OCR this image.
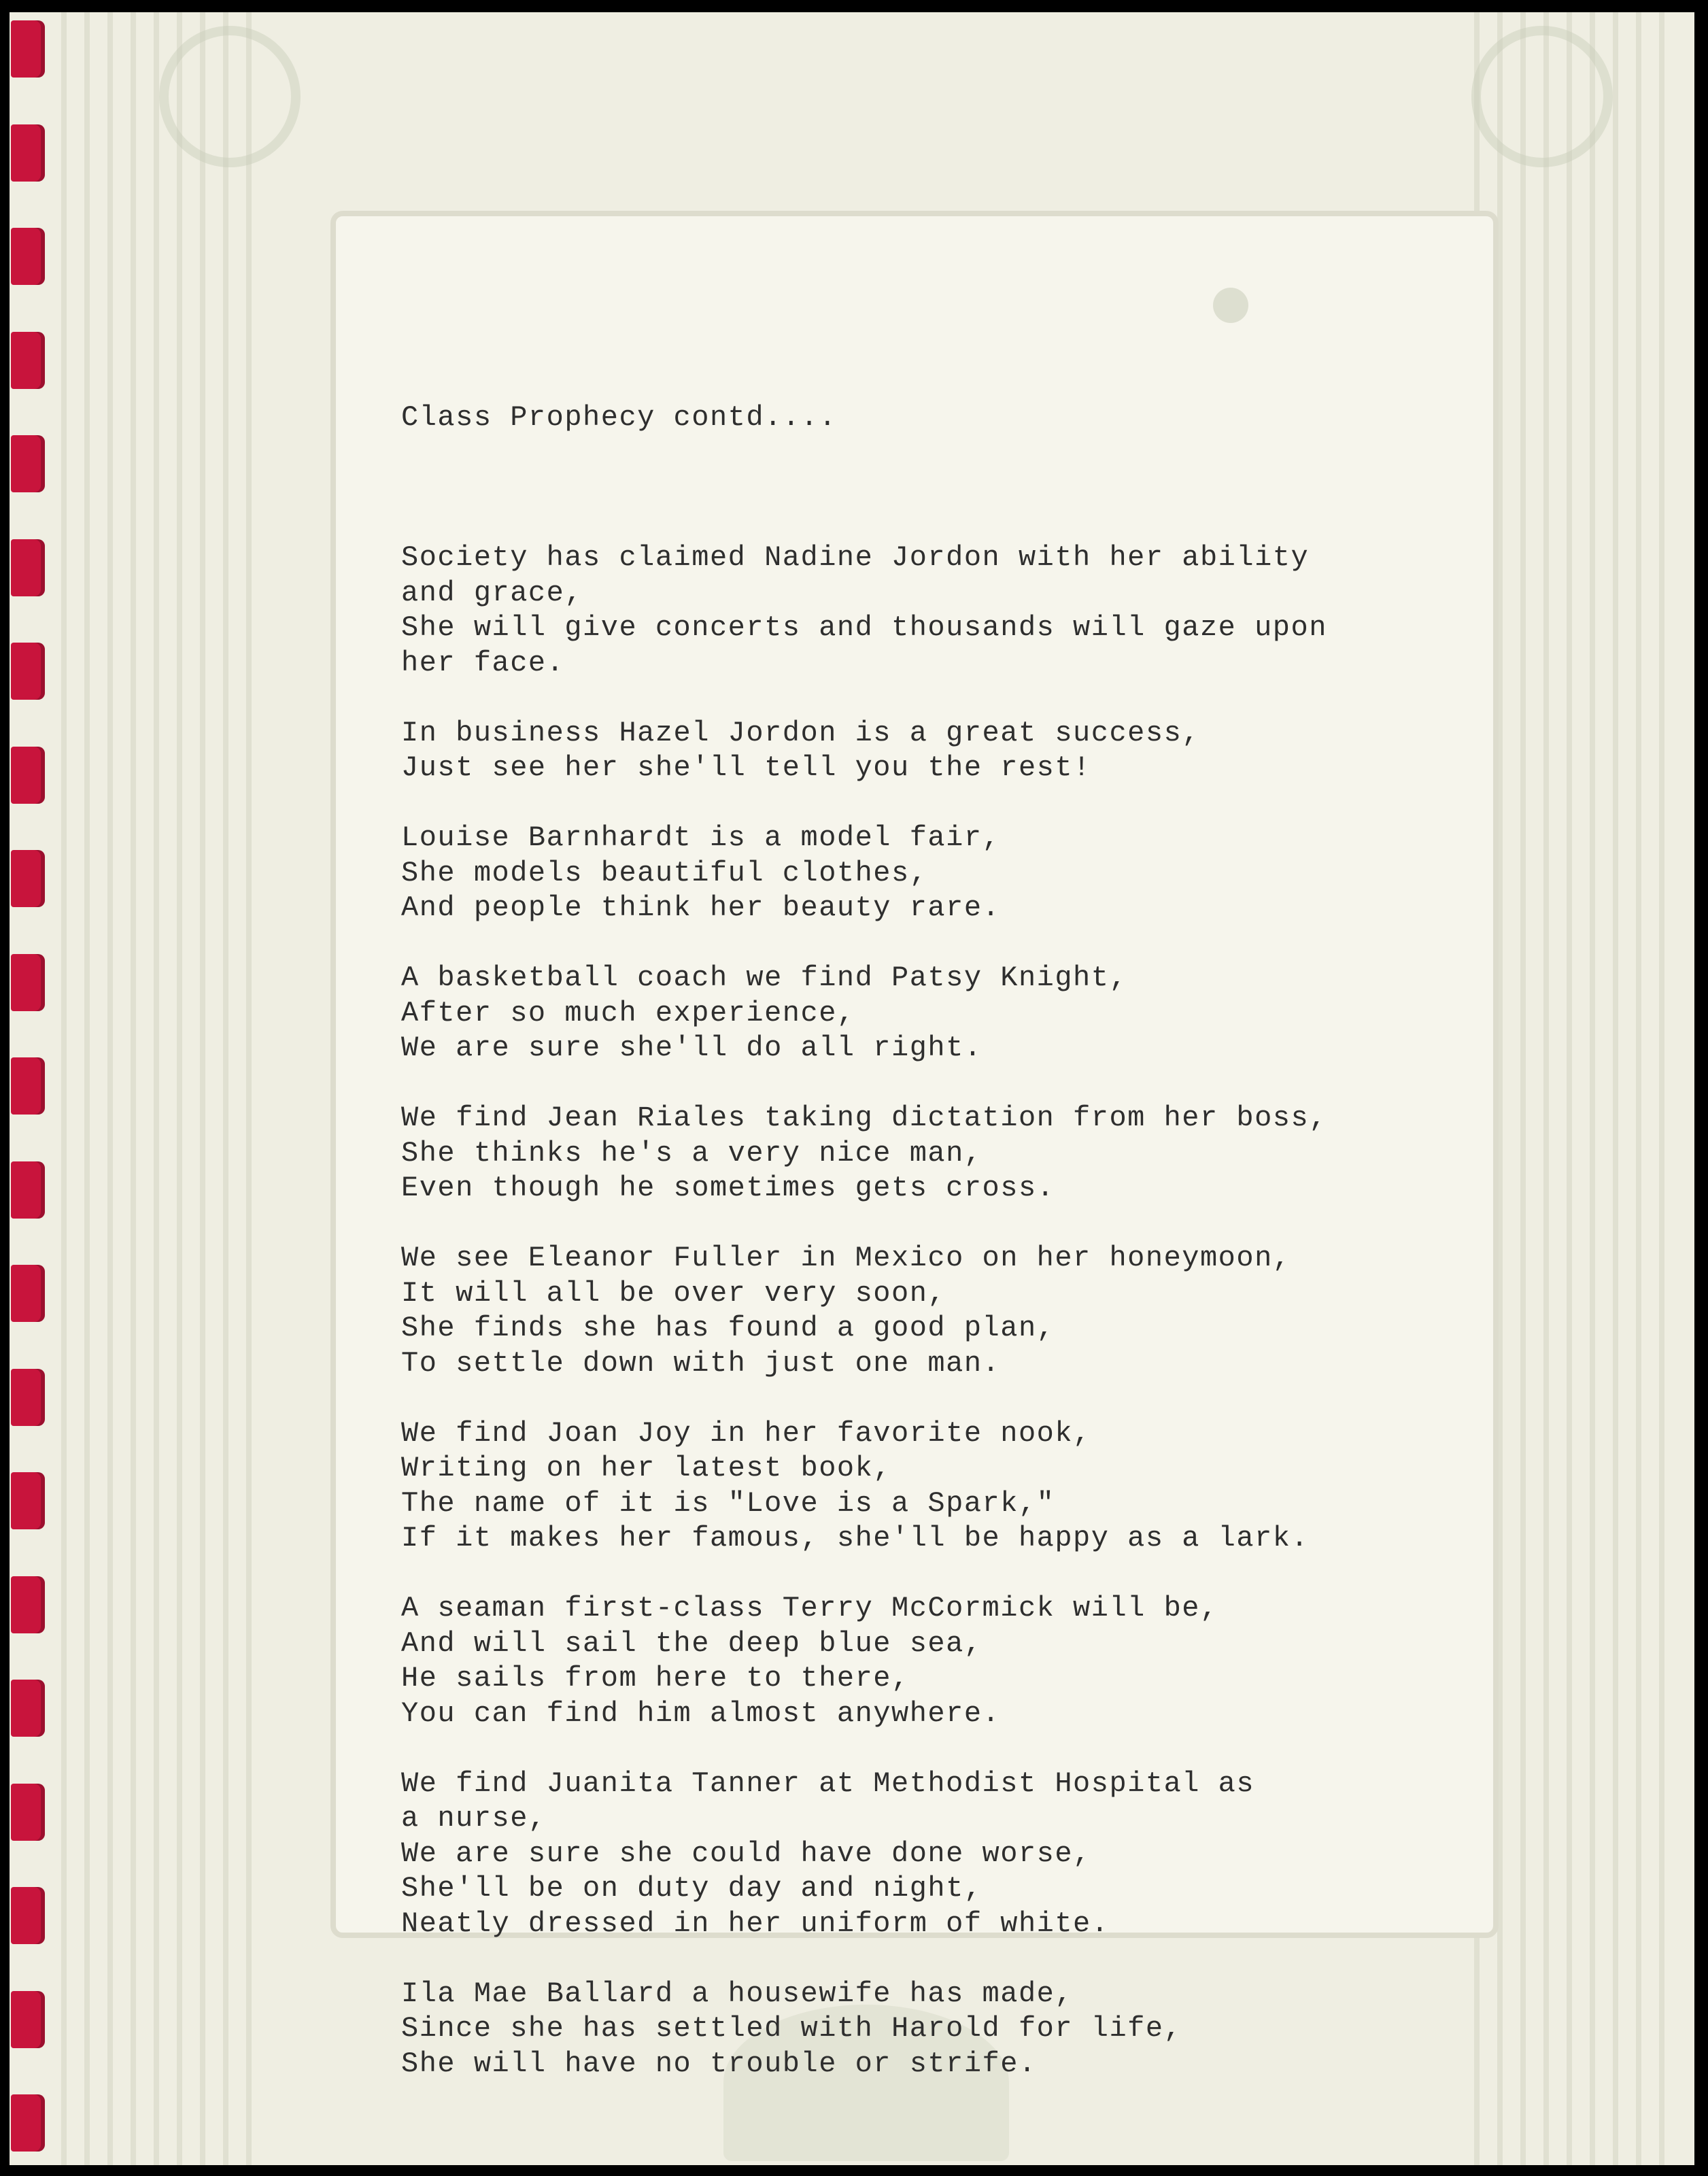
Class Prophecy contd....

Society has claimed Nadine Jordon with her ability
and grace,
She will give concerts and thousands will gaze upon
her face.
In business Hazel Jordon is a great success,
Just see her she'll tell you the rest!
Louise Barnhardt is a model fair,
She models beautiful clothes,
And people think her beauty rare.
A basketball coach we find Patsy Knight,
After so much experience,
We are sure she'll do all right.
We find Jean Riales taking dictation from her boss,
She thinks he's a very nice man,
Even though he sometimes gets cross.
We see Eleanor Fuller in Mexico on her honeymoon,
It will all be over very soon,
She finds she has found a good plan,
To settle down with just one man.
We find Joan Joy in her favorite nook,
Writing on her latest book,
The name of it is "Love is a Spark,"
If it makes her famous, she'll be happy as a lark.
A seaman first-class Terry McCormick will be,
And will sail the deep blue sea,
He sails from here to there,
You can find him almost anywhere.
We find Juanita Tanner at Methodist Hospital as
a nurse,
We are sure she could have done worse,
She'll be on duty day and night,
Neatly dressed in her uniform of white.
Ila Mae Ballard a housewife has made,
Since she has settled with Harold for life,
She will have no trouble or strife.
